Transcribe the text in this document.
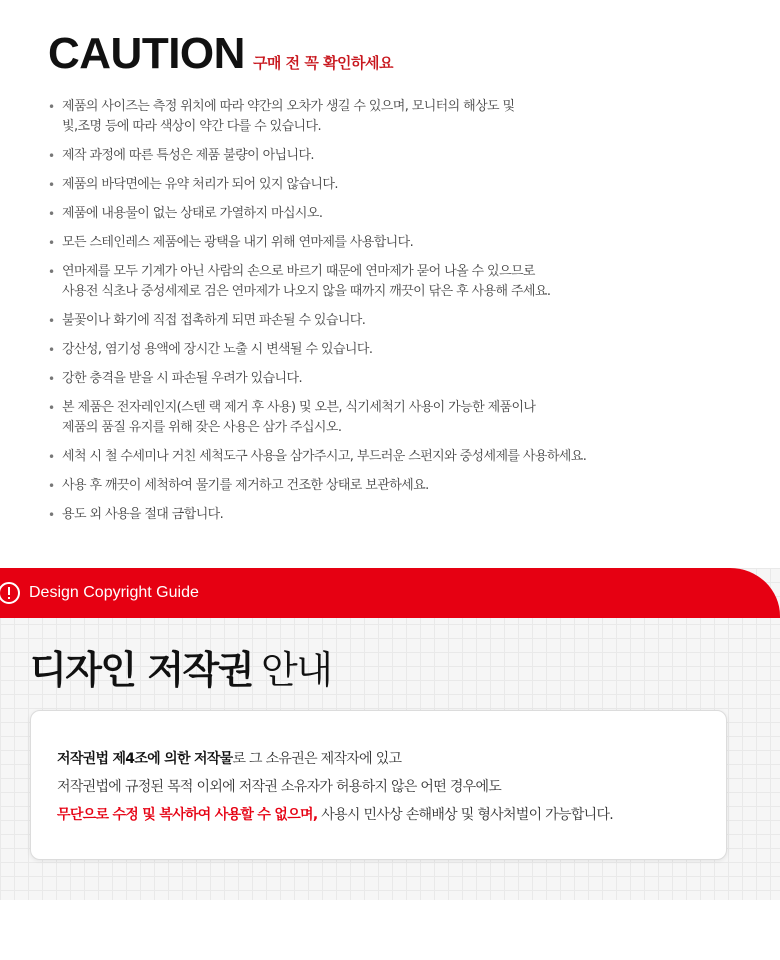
CAUTION 구매 전 꼭 확인하세요
• 제품의 사이즈는 측정 위치에 따라 약간의 오차가 생길 수 있으며, 모니터의 해상도 및
빛,조명 등에 따라 색상이 약간 다를 수 있습니다.
• 제작 과정에 따른 특성은 제품 불량이 아닙니다.
• 제품의 바닥면에는 유약 처리가 되어 있지 않습니다.
• 제품에 내용물이 없는 상태로 가열하지 마십시오.
• 모든 스테인레스 제품에는 광택을 내기 위해 연마제를 사용합니다.
• 연마제를 모두 기계가 아닌 사람의 손으로 바르기 때문에 연마제가 묻어 나올 수 있으므로
사용전 식초나 중성세제로 검은 연마제가 나오지 않을 때까지 깨끗이 닦은 후 사용해 주세요.
• 불꽃이나 화기에 직접 접촉하게 되면 파손될 수 있습니다.
• 강산성, 염기성 용액에 장시간 노출 시 변색될 수 있습니다.
• 강한 충격을 받을 시 파손될 우려가 있습니다.
• 본 제품은 전자레인지(스텐 랙 제거 후 사용) 및 오븐, 식기세척기 사용이 가능한 제품이나
제품의 품질 유지를 위해 잦은 사용은 삼가 주십시오.
• 세척 시 철 수세미나 거친 세척도구 사용을 삼가주시고, 부드러운 스펀지와 중성세제를 사용하세요.
• 사용 후 깨끗이 세척하여 물기를 제거하고 건조한 상태로 보관하세요.
• 용도 외 사용을 절대 금합니다.
Design Copyright Guide
디자인 저작권 안내
저작권법 제4조에 의한 저작물로 그 소유권은 제작자에 있고
저작권법에 규정된 목적 이외에 저작권 소유자가 허용하지 않은 어떤 경우에도
무단으로 수정 및 복사하여 사용할 수 없으며, 사용시 민사상 손해배상 및 형사처벌이 가능합니다.
